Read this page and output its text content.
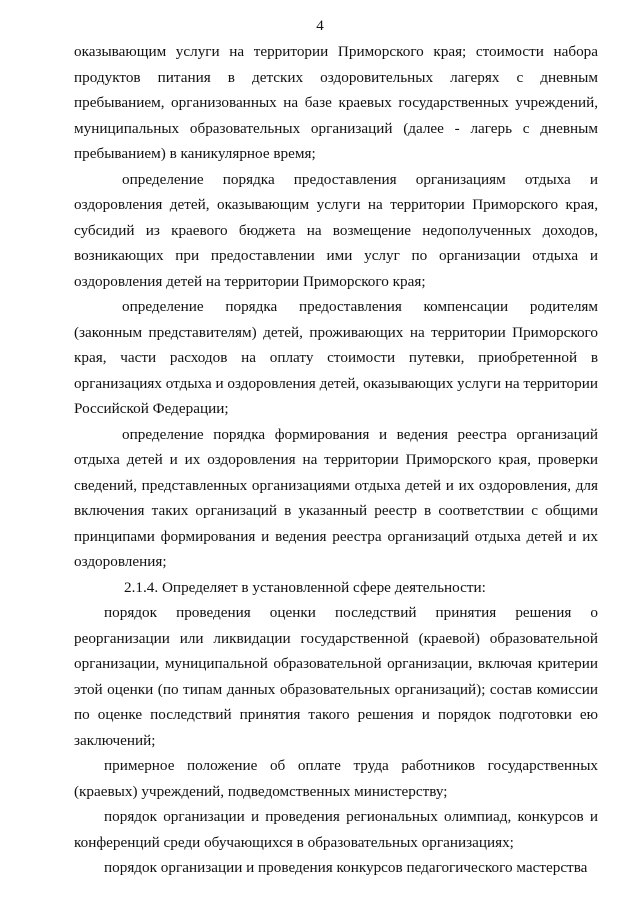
4

оказывающим услуги на территории Приморского края; стоимости набора продуктов питания в детских оздоровительных лагерях с дневным пребыванием, организованных на базе краевых государственных учреждений, муниципальных образовательных организаций (далее - лагерь с дневным пребыванием) в каникулярное время;

определение порядка предоставления организациям отдыха и оздоровления детей, оказывающим услуги на территории Приморского края, субсидий из краевого бюджета на возмещение недополученных доходов, возникающих при предоставлении ими услуг по организации отдыха и оздоровления детей на территории Приморского края;

определение порядка предоставления компенсации родителям (законным представителям) детей, проживающих на территории Приморского края, части расходов на оплату стоимости путевки, приобретенной в организациях отдыха и оздоровления детей, оказывающих услуги на территории Российской Федерации;

определение порядка формирования и ведения реестра организаций отдыха детей и их оздоровления на территории Приморского края, проверки сведений, представленных организациями отдыха детей и их оздоровления, для включения таких организаций в указанный реестр в соответствии с общими принципами формирования и ведения реестра организаций отдыха детей и их оздоровления;

2.1.4. Определяет в установленной сфере деятельности:

порядок проведения оценки последствий принятия решения о реорганизации или ликвидации государственной (краевой) образовательной организации, муниципальной образовательной организации, включая критерии этой оценки (по типам данных образовательных организаций); состав комиссии по оценке последствий принятия такого решения и порядок подготовки ею заключений;

примерное положение об оплате труда работников государственных (краевых) учреждений, подведомственных министерству;

порядок организации и проведения региональных олимпиад, конкурсов и конференций среди обучающихся в образовательных организациях;

порядок организации и проведения конкурсов педагогического мастерства
